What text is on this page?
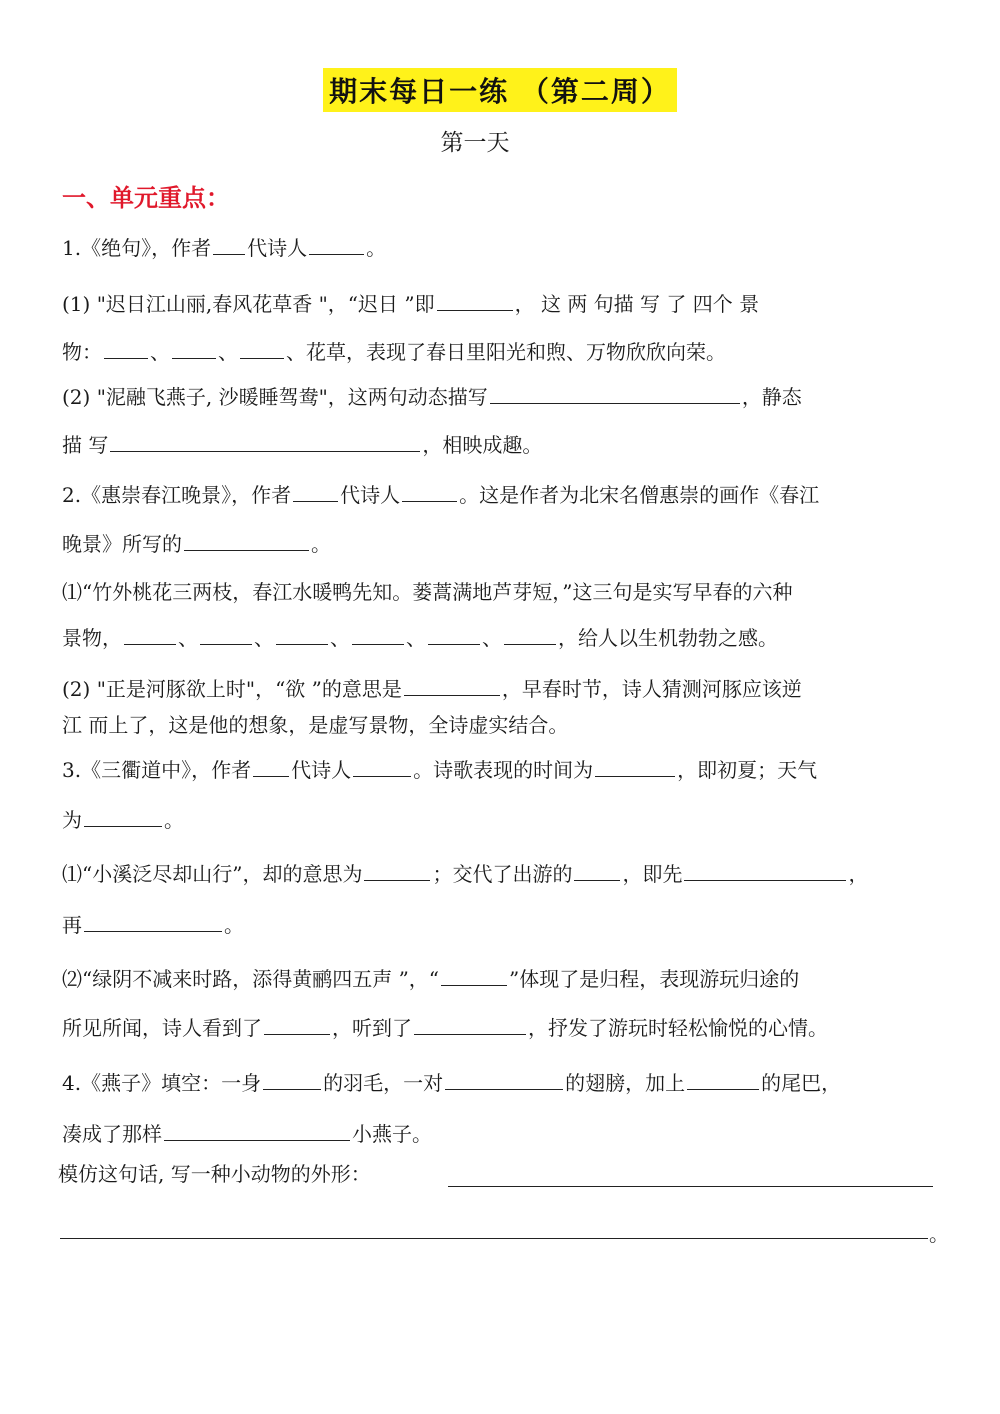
期末每日一练 （第二周）
第一天
一、单元重点：
1.《绝句》，作者 代诗人	。
(1) "迟日江山丽,春风花草香 "，“迟日 ”即	， 这 两 句描 写 了 四个 景
物： 、 、 、花草，表现了春日里阳光和煦、万物欣欣向荣。
(2) "泥融飞燕子, 沙暖睡驾鸯"，这两句动态描写	，静态
描 写	，相映成趣。
2.《惠崇春江晚景》，作者 代诗人	。这是作者为北宋名僧惠崇的画作《春江
晚景》所写的	。
⑴“竹外桃花三两枝，春江水暖鸭先知。蒌蒿满地芦芽短，”这三句是实写早春的六种
景物，	、	、	、	、	、	，给人以生机勃勃之感。
(2) "正是河豚欲上时"，“欲 ”的意思是	，早春时节，诗人猜测河豚应该逆
江 而上了，这是他的想象，是虚写景物，全诗虚实结合。
3.《三衢道中》，作者 代诗人	。诗歌表现的时间为	，即初夏；天气
为	。
⑴“小溪泛尽却山行”，却的意思为	；交代了出游的	，即先	，
再	。
⑵“绿阴不减来时路，添得黄鹂四五声 ”，“	”体现了是归程，表现游玩归途的
所见所闻，诗人看到了	，听到了	，抒发了游玩时轻松愉悦的心情。
4.《燕子》填空：一身	的羽毛，一对	的翅膀，加上	的尾巴，
凑成了那样	小燕子。
模仿这句话, 写一种小动物的外形：
。
